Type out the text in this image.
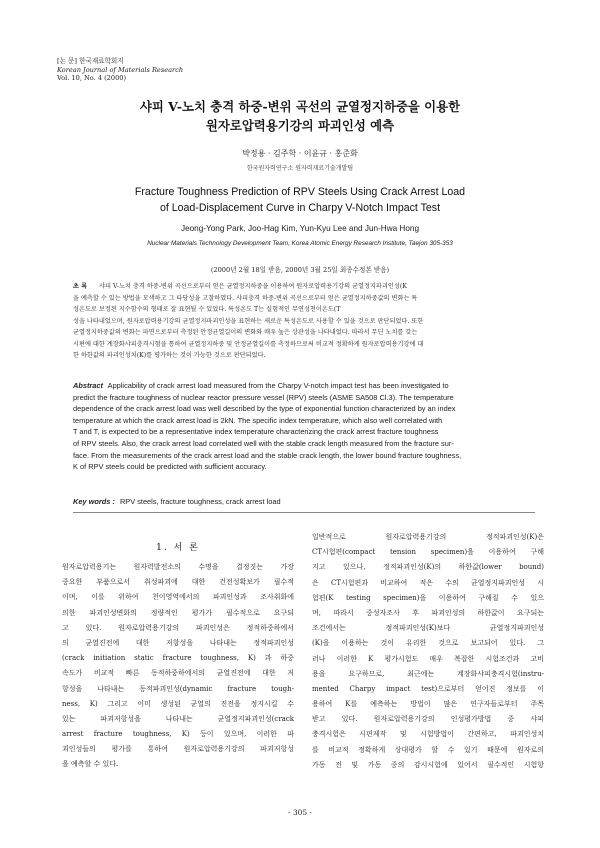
[논 문] 한국재료학회지
Korean Journal of Materials Research
Vol. 10, No. 4 (2000)
샤피 V-노치 충격 하중-변위 곡선의 균열정지하중을 이용한
원자로압력용기강의 파괴인성 예측
박정용 · 김주학 · 이윤규 · 홍준화
한국원자력연구소 원자력재료기술개발팀
Fracture Toughness Prediction of RPV Steels Using Crack Arrest Load
of Load-Displacement Curve in Charpy V-Notch Impact Test
Jeong-Yong Park, Joo-Hag Kim, Yun-Kyu Lee and Jun-Hwa Hong
Nuclear Materials Technology Development Team, Korea Atomic Energy Research Institute, Taejon 305-353
(2000년 2월 18일 받음, 2000년 3월 25일 최종수정본 받음)
초 록 샤피 V-노치 충격 하중-변위 곡선으로부터 얻은 균열정지하중을 이용하여 원자로압력용기강의 균열정지파괴인성(K
을 예측할 수 있는 방법을 모색하고 그 타당성을 고찰하였다. 샤피충격 하중-변위 곡선으로부터 얻은 균열정지하중값의 변화는 특
성온도로 보정된 지수함수의 형태로 잘 표현될 수 있었다. 특성온도 T는 실험적인 무연성천이온도(T
성을 나타내었으며, 원자로압력용기강의 균열정지파괴인성을 표현하는 새로운 특성온도로 사용할 수 있을 것으로 판단되었다. 또한
균열정지하중값의 변화는 파면으로부터 측정된 안정균열길이의 변화와 매우 높은 상관성을 나타내었다. 따라서 무딘 노치를 갖는
시편에 대한 계장화샤피충격시험을 통하여 균열정지하중 및 안정균열길이를 측정하므로써 비교적 정확하게 원자로압력용기강에 대
한 하한값의 파괴인성치(K)를 평가하는 것이 가능한 것으로 판단되었다.
Abstract Applicability of crack arrest load measured from the Charpy V-notch impact test has been investigated to
predict the fracture toughness of nuclear reactor pressure vessel (RPV) steels (ASME SA508 Cl.3). The temperature
dependence of the crack arrest load was well described by the type of exponential function characterized by an index
temperature at which the crack arrest load is 2kN. The specific index temperature, which also well correlated with
T and T, is expected to be a representative index temperature characterizing the crack arrest fracture toughness
of RPV steels. Also, the crack arrest load correlated well with the stable crack length measured from the fracture sur-
face. From the measurements of the crack arrest load and the stable crack length, the lower bound fracture toughness,
K of RPV steels could be predicted with sufficient accuracy.
Key words : RPV steels, fracture toughness, crack arrest load
1. 서 론
원자로압력용기는 원자력발전소의 수명을 결정짓는 가장
중요한 부품으로서 취성파괴에 대한 건전성확보가 필수적
이며, 이를 위하여 천이영역에서의 파괴인성과 조사취화에
의한 파괴인성변화의 정량적인 평가가 필수적으로 요구되
고 있다. 원자로압력용기강의 파괴인성은 정적하중하에서
의 균열진전에 대한 저항성을 나타내는 정적파괴인성
(crack initiation static fracture toughness, K) 과 하중
속도가 비교적 빠른 동적하중하에서의 균열진전에 대한 저
항성을 나타내는 동적파괴인성(dynamic fracture tough-
ness, K) 그리고 이미 생성된 균열의 진전을 정지시킬 수
있는 파괴저항성을 나타내는 균열정지파괴인성(crack
arrest fracture toughness, K) 등이 있으며, 이러한 파
괴인성들의 평가를 통하여 원자로압력용기강의 파괴저항성
을 예측할 수 있다.
일반적으로 원자로압력용기강의 정적파괴인성(K)은
CT시험편(compact tension specimen)을 이용하여 구해
지고 있으나, 정적파괴인성(K)의 하한값(lower bound)
은 CT시험편과 비교하여 적은 수의 균열정지파괴인성 시
험편(K testing specimen)을 이용하여 구해질 수 있으
며, 따라서 중성자조사 후 파괴인성의 하한값이 요구되는
조건에서는 정적파괴인성(K)보다 균열정지파괴인성
(K)을 이용하는 것이 유리한 것으로 보고되어 있다. 그
러나 이러한 K 평가시험도 매우 복잡한 시험조건과 고비
용을 요구하므로, 최근에는 계장화샤피충격시험(instru-
mented Charpy impact test)으로부터 얻어진 정보를 이
용하여 K를 예측하는 방법이 많은 연구자들로부터 주목
받고 있다. 원자로압력용기강의 인성평가방법 중 샤피
충격시험은 시편제작 및 시험방법이 간편하고, 파괴인성치
를 비교적 정확하게 상대평가 할 수 있기 때문에 원자로의
가동 전 및 가동 중의 감시시험에 있어서 필수적인 시험항
- 305 -
